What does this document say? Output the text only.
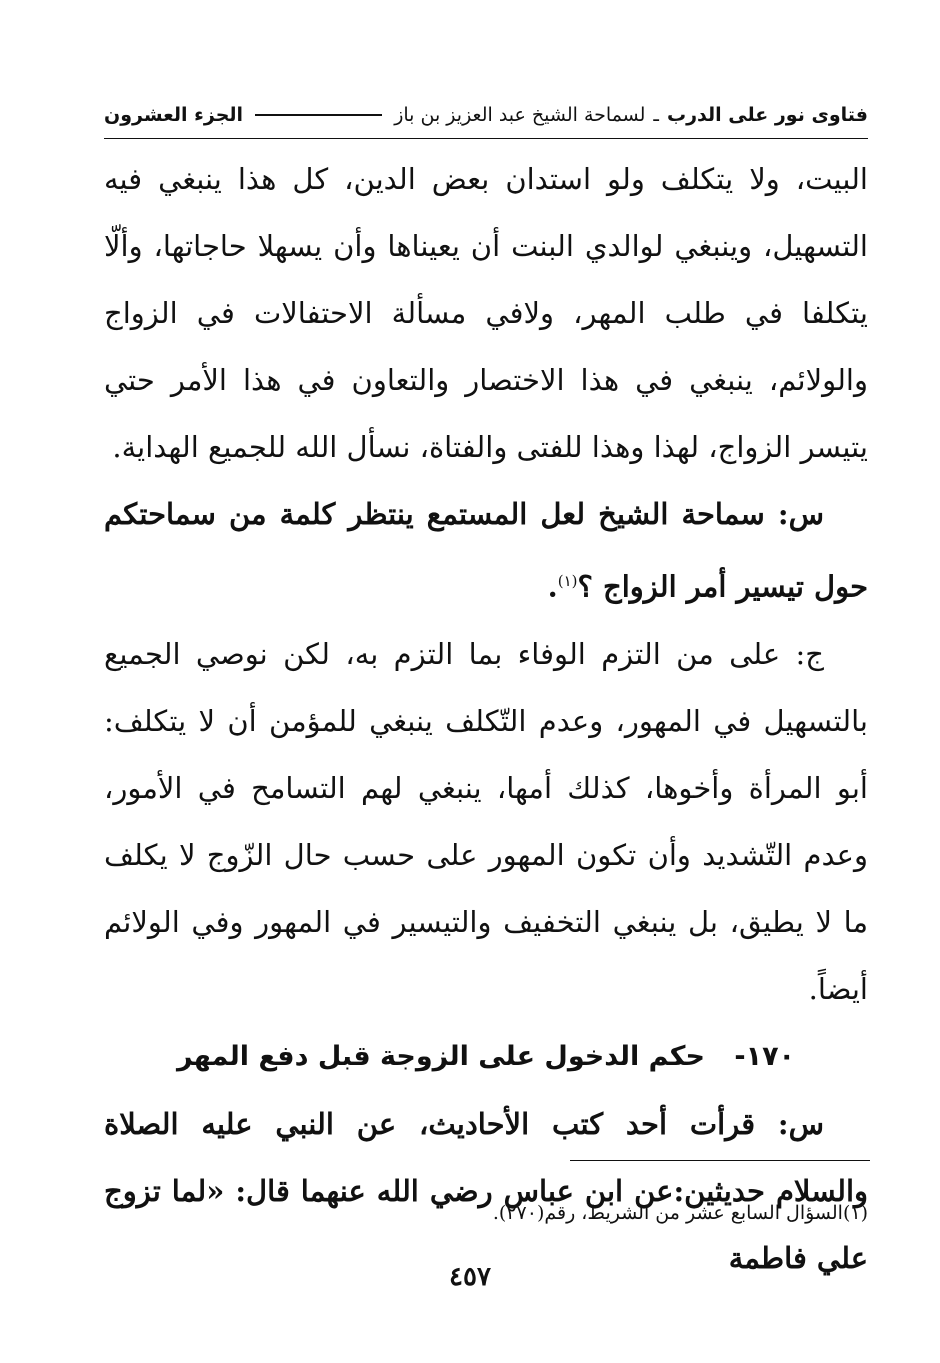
فتاوى نور على الدرب
ـ
لسماحة الشيخ عبد العزيز بن باز
الجزء العشرون

البيت، ولا يتكلف ولو استدان بعض الدين، كل هذا ينبغي فيه التسهيل، وينبغي لوالدي البنت أن يعيناها وأن يسهلا حاجاتها، وألّا يتكلفا في طلب المهر، ولافي مسألة الاحتفالات في الزواج والولائم، ينبغي في هذا الاختصار والتعاون في هذا الأمر حتي يتيسر الزواج، لهذا وهذا للفتى والفتاة، نسأل الله للجميع الهداية.

س: سماحة الشيخ لعل المستمع ينتظر كلمة من سماحتكم حول تيسير أمر الزواج ؟$^{(١)}$.

ج: على من التزم الوفاء بما التزم به، لكن نوصي الجميع بالتسهيل في المهور، وعدم التّكلف ينبغي للمؤمن أن لا يتكلف: أبو المرأة وأخوها، كذلك أمها، ينبغي لهم التسامح في الأمور، وعدم التّشديد وأن تكون المهور على حسب حال الزّوج لا يكلف ما لا يطيق، بل ينبغي التخفيف والتيسير في المهور وفي الولائم أيضاً.

١٧٠- حكم الدخول على الزوجة قبل دفع المهر

س: قرأت أحد كتب الأحاديث، عن النبي عليه الصلاة والسلام حديثين:عن ابن عباس رضي الله عنهما قال: «لما تزوج علي فاطمة

(١)السؤال السابع عشر من الشريط، رقم(٢٧٠).
٤٥٧
